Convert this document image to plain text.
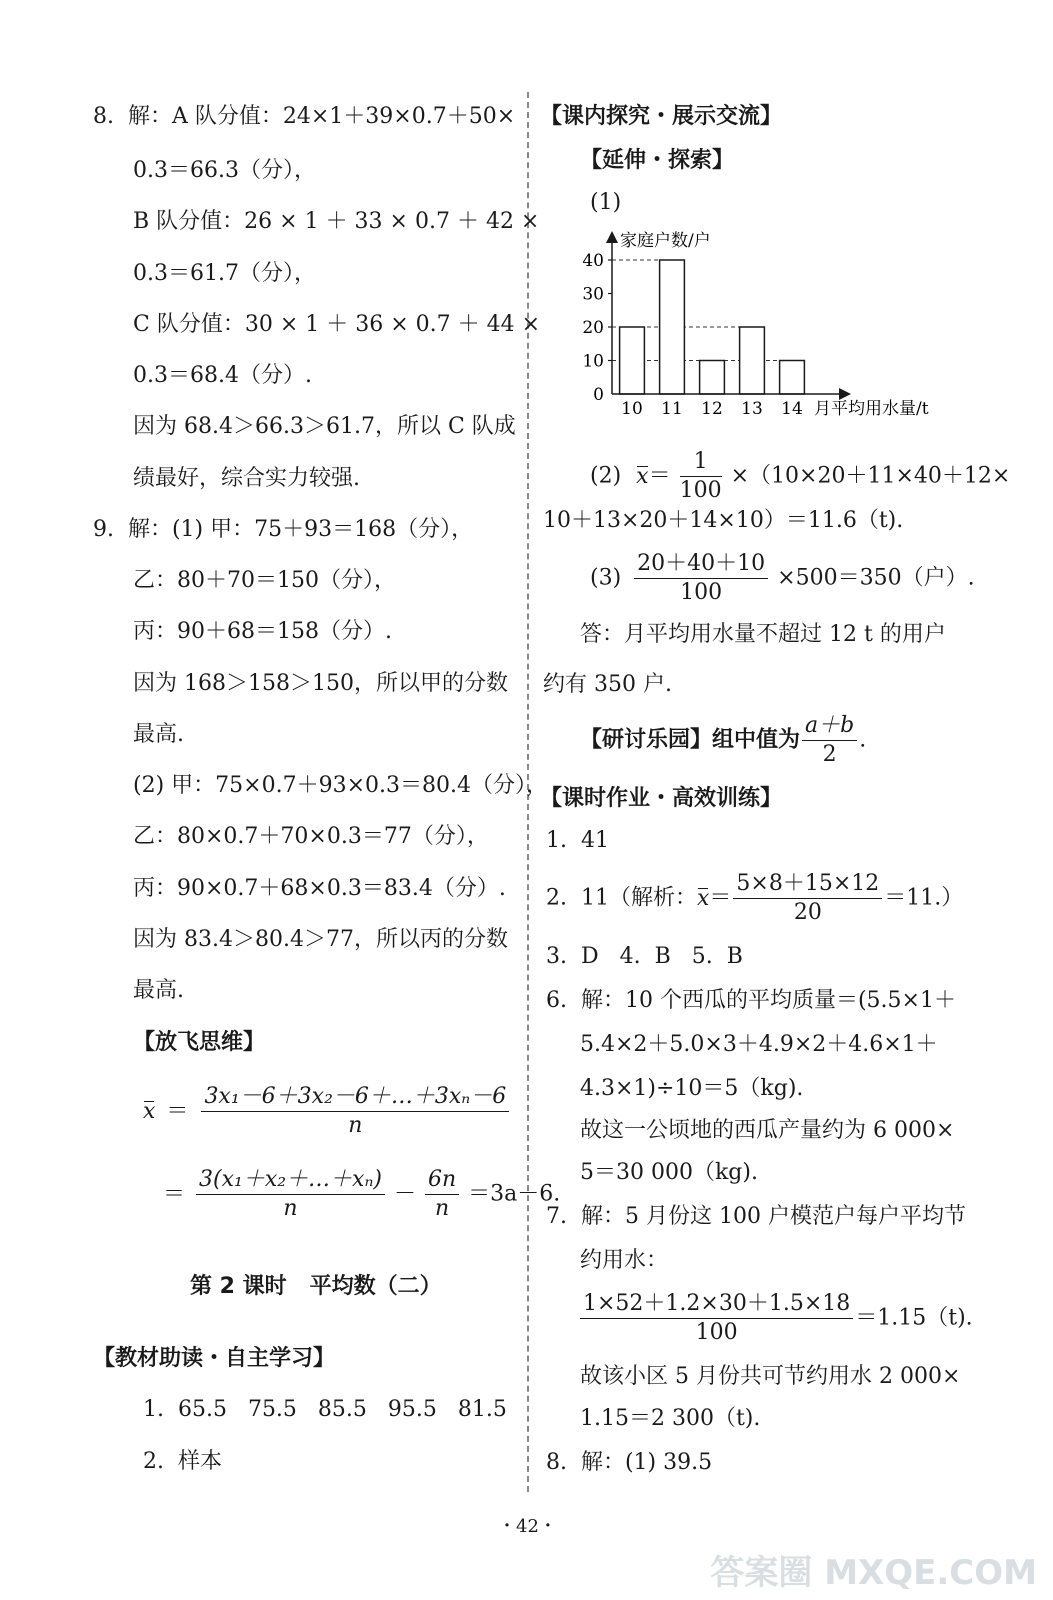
8.  解：A 队分值：24×1＋39×0.7＋50×
0.3＝66.3（分），
B 队分值：26 × 1 ＋ 33 × 0.7 ＋ 42 ×
0.3＝61.7（分），
C 队分值：30 × 1 ＋ 36 × 0.7 ＋ 44 ×
0.3＝68.4（分）.
因为 68.4＞66.3＞61.7，所以 C 队成
绩最好，综合实力较强.
9.  解：(1) 甲：75＋93＝168（分），
乙：80＋70＝150（分），
丙：90＋68＝158（分）.
因为 168＞158＞150，所以甲的分数
最高.
(2) 甲：75×0.7＋93×0.3＝80.4（分），
乙：80×0.7＋70×0.3＝77（分），
丙：90×0.7＋68×0.3＝83.4（分）.
因为 83.4＞80.4＞77，所以丙的分数
最高.
【放飞思维】
$x = \frac{\text{3x₁－6＋3x₂－6＋…＋3xₙ－6}}{n}$
＝ $\frac{\text{3(x₁＋x₂＋…＋xₙ)}}{n} - \frac{6n}{n} =3a-6$.
第 2 课时   平均数（二）
【教材助读・自主学习】
1.  65.5   75.5   85.5   95.5   81.5
2.  样本
【课内探究・展示交流】
【延伸・探索】
(1)
0
10
20
30
40
10 11 12 13 14
家庭户数/户
月平均用水量/t
(2) $x= \frac{1}{100} \times(10\times 20+11\times 40+12\times$
10＋13×20＋14×10）＝11.6（t).
$(3) \frac{20+40+10}{100} \times 500=350$（户）.
答：月平均用水量不超过 12 t 的用户
约有 350 户.
【研讨乐园】组中值为 $\frac{a+b}{2}$ .
【课时作业・高效训练】
1.  41
2.  11（解析：$x= \frac{5\times 8+15\times 12}{20} =11$.）
3.  D   4.  B   5.  B
6.  解：10 个西瓜的平均质量＝(5.5×1＋
5.4×2＋5.0×3＋4.9×2＋4.6×1＋
4.3×1)÷10＝5（kg).
故这一公顷地的西瓜产量约为 6 000×
5＝30 000（kg).
7.  解：5 月份这 100 户模范户每户平均节
约用水：
$\frac{1\times 52+1.2\times 30+1.5\times 18}{100} =1.15(t)$.
故该小区 5 月份共可节约用水 2 000×
1.15＝2 300（t).
8.  解：(1) 39.5
・42・
答案圈 MXQE.COM
